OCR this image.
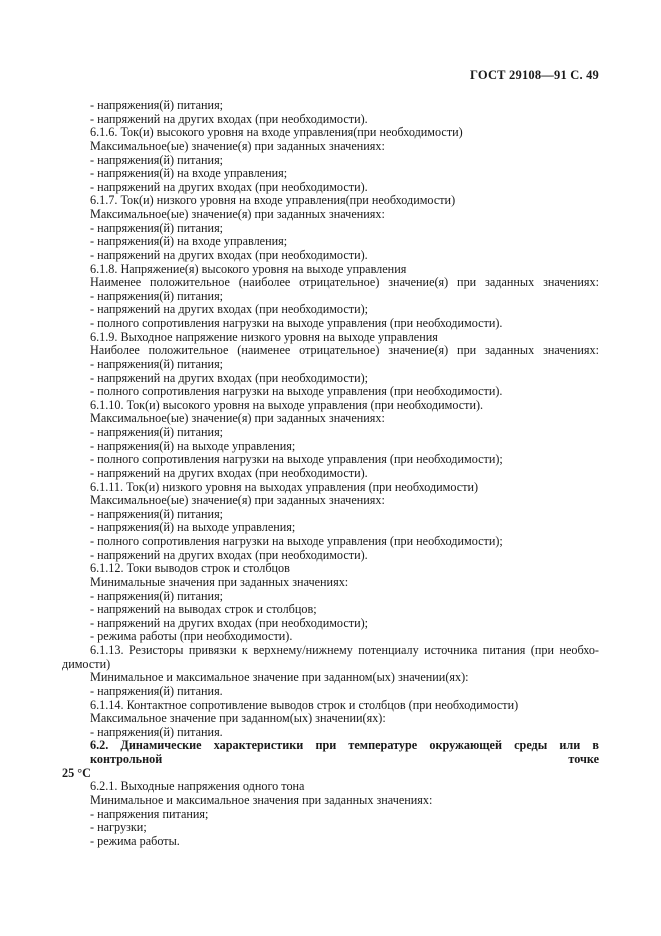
ГОСТ 29108—91 С. 49
- напряжения(й) питания;
- напряжений на других входах (при необходимости).
6.1.6. Ток(и) высокого уровня на входе управления(при необходимости)
Максимальное(ые) значение(я) при заданных значениях:
- напряжения(й) питания;
- напряжения(й) на входе управления;
- напряжений на других входах (при необходимости).
6.1.7. Ток(и) низкого уровня на входе управления(при необходимости)
Максимальное(ые) значение(я) при заданных значениях:
- напряжения(й) питания;
- напряжения(й) на входе управления;
- напряжений на других входах (при необходимости).
6.1.8. Напряжение(я) высокого уровня на выходе управления
Наименее положительное (наиболее отрицательное) значение(я) при заданных значениях:
- напряжения(й) питания;
- напряжений на других входах (при необходимости);
- полного сопротивления нагрузки на выходе управления (при необходимости).
6.1.9. Выходное напряжение низкого уровня на выходе управления
Наиболее положительное (наименее отрицательное) значение(я) при заданных значениях:
- напряжения(й) питания;
- напряжений на других входах (при необходимости);
- полного сопротивления нагрузки на выходе управления (при необходимости).
6.1.10. Ток(и) высокого уровня на выходе управления (при необходимости).
Максимальное(ые) значение(я) при заданных значениях:
- напряжения(й) питания;
- напряжения(й) на выходе управления;
- полного сопротивления нагрузки на выходе управления (при необходимости);
- напряжений на других входах (при необходимости).
6.1.11. Ток(и) низкого уровня на выходах управления (при необходимости)
Максимальное(ые) значение(я) при заданных значениях:
- напряжения(й) питания;
- напряжения(й) на выходе управления;
- полного сопротивления нагрузки на выходе управления (при необходимости);
- напряжений на других входах (при необходимости).
6.1.12. Токи выводов строк и столбцов
Минимальные значения при заданных значениях:
- напряжения(й) питания;
- напряжений на выводах строк и столбцов;
- напряжений на других входах (при необходимости);
- режима работы (при необходимости).
6.1.13. Резисторы привязки к верхнему/нижнему потенциалу источника питания (при необхо-
димости)
Минимальное и максимальное значение при заданном(ых) значении(ях):
- напряжения(й) питания.
6.1.14. Контактное сопротивление выводов строк и столбцов (при необходимости)
Максимальное значение при заданном(ых) значении(ях):
- напряжения(й) питания.
6.2. Динамические характеристики при температуре окружающей среды или в контрольной точке
25 °С
6.2.1. Выходные напряжения одного тона
Минимальное и максимальное значения при заданных значениях:
- напряжения питания;
- нагрузки;
- режима работы.
